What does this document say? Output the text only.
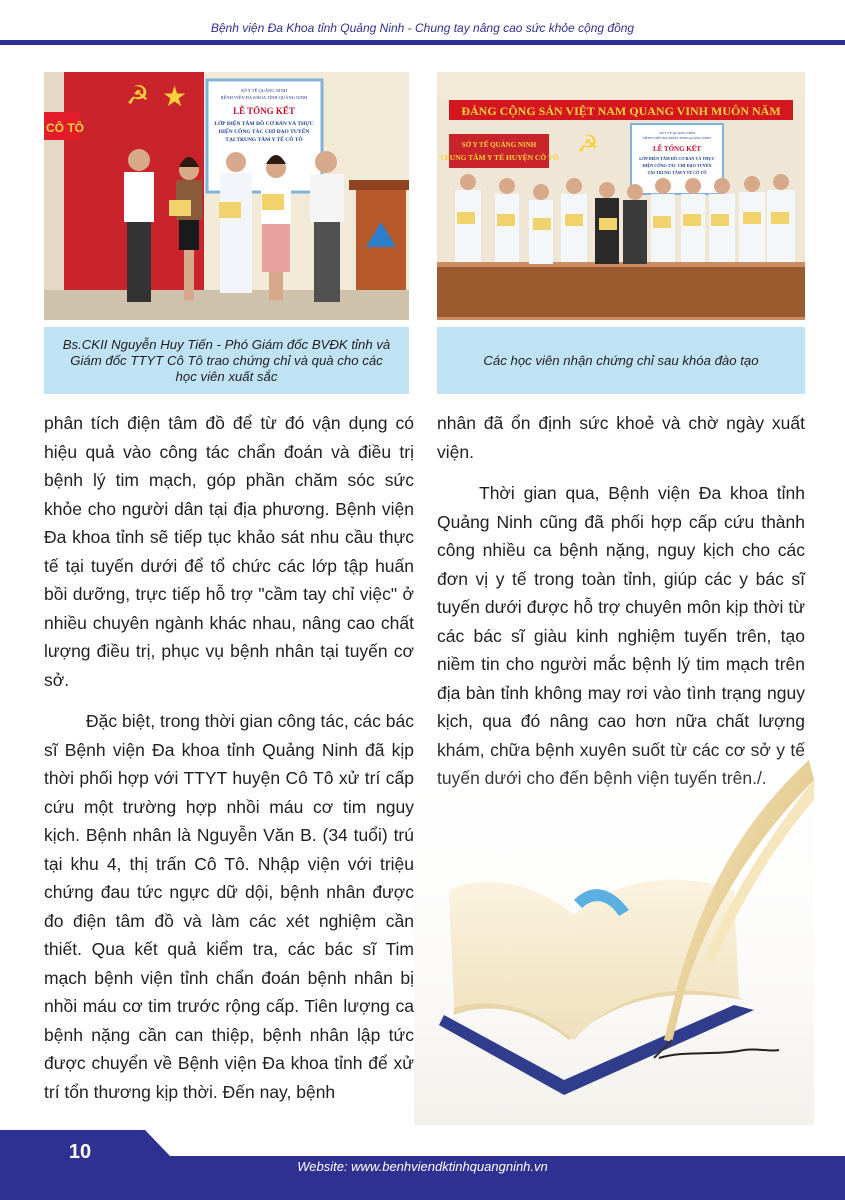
Bệnh viện Đa Khoa tỉnh Quảng Ninh - Chung tay nâng cao sức khỏe cộng đồng
☭ ★
CÔ TÔ
SỞ Y TẾ QUẢNG NINH
BỆNH VIỆN ĐA KHOA TỈNH QUẢNG NINH
LỄ TỔNG KẾT
LỚP ĐIỆN TÂM ĐỒ CƠ BẢN VÀ THỰC
HIỆN CÔNG TÁC CHỈ ĐẠO TUYẾN
TẠI TRUNG TÂM Y TẾ CÔ TÔ
Bs.CKII Nguyễn Huy Tiến - Phó Giám đốc BVĐK tỉnh và Giám đốc TTYT Cô Tô trao chứng chỉ và quà cho các học viên xuất sắc
ĐẢNG CỘNG SẢN VIỆT NAM QUANG VINH MUÔN NĂM
SỞ Y TẾ QUẢNG NINH
TRUNG TÂM Y TẾ HUYỆN CÔ TÔ ☭	SỞ Y TẾ QUẢNG NINH
BỆNH VIỆN ĐA KHOA TỈNH QUẢNG NINH
LỄ TỔNG KẾT
LỚP ĐIỆN TÂM ĐỒ CƠ BẢN VÀ THỰC
HIỆN CÔNG TÁC CHỈ ĐẠO TUYẾN
TẠI TRUNG TÂM Y TẾ CÔ TÔ
Các học viên nhận chứng chỉ sau khóa đào tạo

phân tích điện tâm đồ để từ đó vận dụng có hiệu quả vào công tác chẩn đoán và điều trị bệnh lý tim mạch, góp phần chăm sóc sức khỏe cho người dân tại địa phương. Bệnh viện Đa khoa tỉnh sẽ tiếp tục khảo sát nhu cầu thực tế tại tuyến dưới để tổ chức các lớp tập huấn bồi dưỡng, trực tiếp hỗ trợ "cầm tay chỉ việc" ở nhiều chuyên ngành khác nhau, nâng cao chất lượng điều trị, phục vụ bệnh nhân tại tuyến cơ sở.

Đặc biệt, trong thời gian công tác, các bác sĩ Bệnh viện Đa khoa tỉnh Quảng Ninh đã kịp thời phối hợp với TTYT huyện Cô Tô xử trí cấp cứu một trường hợp nhồi máu cơ tim nguy kịch. Bệnh nhân là Nguyễn Văn B. (34 tuổi) trú tại khu 4, thị trấn Cô Tô. Nhập viện với triệu chứng đau tức ngực dữ dội, bệnh nhân được đo điện tâm đồ và làm các xét nghiệm cần thiết. Qua kết quả kiểm tra, các bác sĩ Tim mạch bệnh viện tỉnh chẩn đoán bệnh nhân bị nhồi máu cơ tim trước rộng cấp. Tiên lượng ca bệnh nặng cần can thiệp, bệnh nhân lập tức được chuyển về Bệnh viện Đa khoa tỉnh để xử trí tổn thương kịp thời. Đến nay, bệnh

nhân đã ổn định sức khoẻ và chờ ngày xuất viện.

Thời gian qua, Bệnh viện Đa khoa tỉnh Quảng Ninh cũng đã phối hợp cấp cứu thành công nhiều ca bệnh nặng, nguy kịch cho các đơn vị y tế trong toàn tỉnh, giúp các y bác sĩ tuyến dưới được hỗ trợ chuyên môn kịp thời từ các bác sĩ giàu kinh nghiệm tuyến trên, tạo niềm tin cho người mắc bệnh lý tim mạch trên địa bàn tỉnh không may rơi vào tình trạng nguy kịch, qua đó nâng cao hơn nữa chất lượng

10
Website: www.benhviendktinhquangninh.vn
